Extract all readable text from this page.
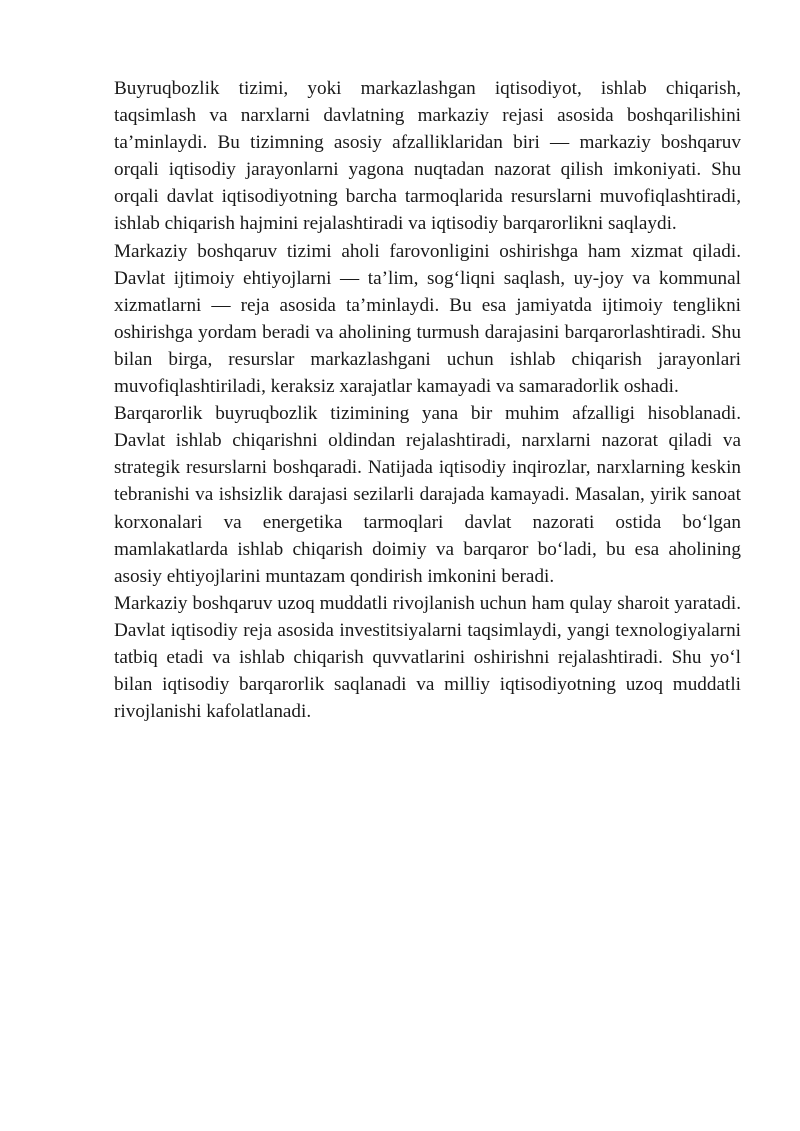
Buyruqbozlik tizimi, yoki markazlashgan iqtisodiyot, ishlab chiqarish, taqsimlash va narxlarni davlatning markaziy rejasi asosida boshqarilishini taʼminlaydi. Bu tizimning asosiy afzalliklaridan biri — markaziy boshqaruv orqali iqtisodiy jarayonlarni yagona nuqtadan nazorat qilish imkoniyati. Shu orqali davlat iqtisodiyotning barcha tarmoqlarida resurslarni muvofiqlashtiradi, ishlab chiqarish hajmini rejalashtiradi va iqtisodiy barqarorlikni saqlaydi.

Markaziy boshqaruv tizimi aholi farovonligini oshirishga ham xizmat qiladi. Davlat ijtimoiy ehtiyojlarni — taʼlim, sogʻliqni saqlash, uy-joy va kommunal xizmatlarni — reja asosida taʼminlaydi. Bu esa jamiyatda ijtimoiy tenglikni oshirishga yordam beradi va aholining turmush darajasini barqarorlashtiradi. Shu bilan birga, resurslar markazlashgani uchun ishlab chiqarish jarayonlari muvofiqlashtiriladi, keraksiz xarajatlar kamayadi va samaradorlik oshadi.

Barqarorlik buyruqbozlik tizimining yana bir muhim afzalligi hisoblanadi. Davlat ishlab chiqarishni oldindan rejalashtiradi, narxlarni nazorat qiladi va strategik resurslarni boshqaradi. Natijada iqtisodiy inqirozlar, narxlarning keskin tebranishi va ishsizlik darajasi sezilarli darajada kamayadi. Masalan, yirik sanoat korxonalari va energetika tarmoqlari davlat nazorati ostida boʻlgan mamlakatlarda ishlab chiqarish doimiy va barqaror boʻladi, bu esa aholining asosiy ehtiyojlarini muntazam qondirish imkonini beradi.

Markaziy boshqaruv uzoq muddatli rivojlanish uchun ham qulay sharoit yaratadi. Davlat iqtisodiy reja asosida investitsiyalarni taqsimlaydi, yangi texnologiyalarni tatbiq etadi va ishlab chiqarish quvvatlarini oshirishni rejalashtiradi. Shu yoʻl bilan iqtisodiy barqarorlik saqlanadi va milliy iqtisodiyotning uzoq muddatli rivojlanishi kafolatlanadi.
